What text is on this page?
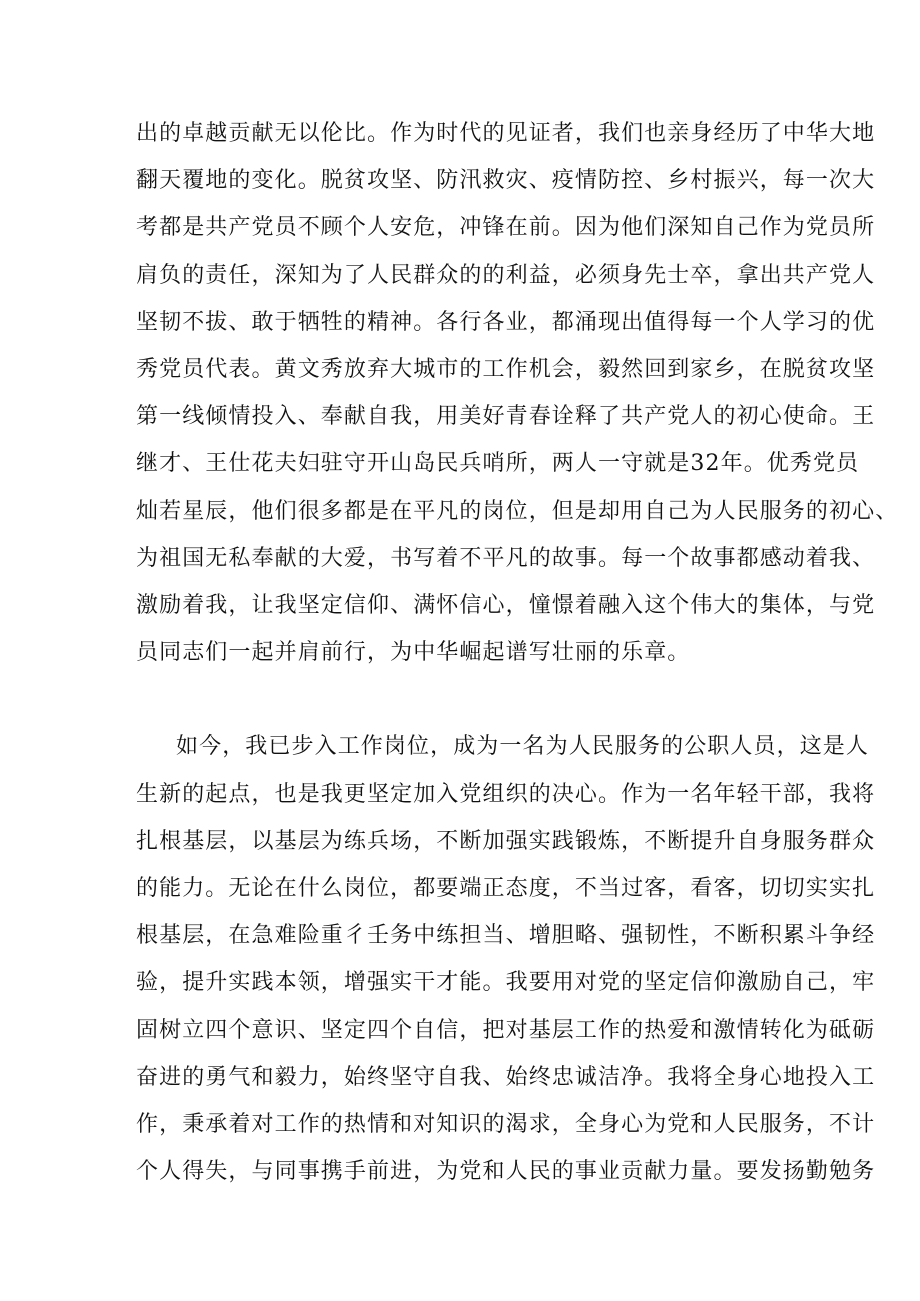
出的卓越贡献无以伦比。作为时代的见证者，我们也亲身经历了中华大地
翻天覆地的变化。脱贫攻坚、防汛救灾、疫情防控、乡村振兴，每一次大
考都是共产党员不顾个人安危，冲锋在前。因为他们深知自己作为党员所
肩负的责任，深知为了人民群众的的利益，必须身先士卒，拿出共产党人
坚韧不拔、敢于牺牲的精神。各行各业，都涌现出值得每一个人学习的优
秀党员代表。黄文秀放弃大城市的工作机会，毅然回到家乡，在脱贫攻坚
第一线倾情投入、奉献自我，用美好青春诠释了共产党人的初心使命。王
继才、王仕花夫妇驻守开山岛民兵哨所，两人一守就是32年。优秀党员
灿若星辰，他们很多都是在平凡的岗位，但是却用自己为人民服务的初心、
为祖国无私奉献的大爱，书写着不平凡的故事。每一个故事都感动着我、
激励着我，让我坚定信仰、满怀信心，憧憬着融入这个伟大的集体，与党
员同志们一起并肩前行，为中华崛起谱写壮丽的乐章。
如今，我已步入工作岗位，成为一名为人民服务的公职人员，这是人
生新的起点，也是我更坚定加入党组织的决心。作为一名年轻干部，我将
扎根基层，以基层为练兵场，不断加强实践锻炼，不断提升自身服务群众
的能力。无论在什么岗位，都要端正态度，不当过客，看客，切切实实扎
根基层，在急难险重彳壬务中练担当、增胆略、强韧性，不断积累斗争经
验，提升实践本领，增强实干才能。我要用对党的坚定信仰激励自己，牢
固树立四个意识、坚定四个自信，把对基层工作的热爱和激情转化为砥砺
奋进的勇气和毅力，始终坚守自我、始终忠诚洁净。我将全身心地投入工
作，秉承着对工作的热情和对知识的渴求，全身心为党和人民服务，不计
个人得失，与同事携手前进，为党和人民的事业贡献力量。要发扬勤勉务
